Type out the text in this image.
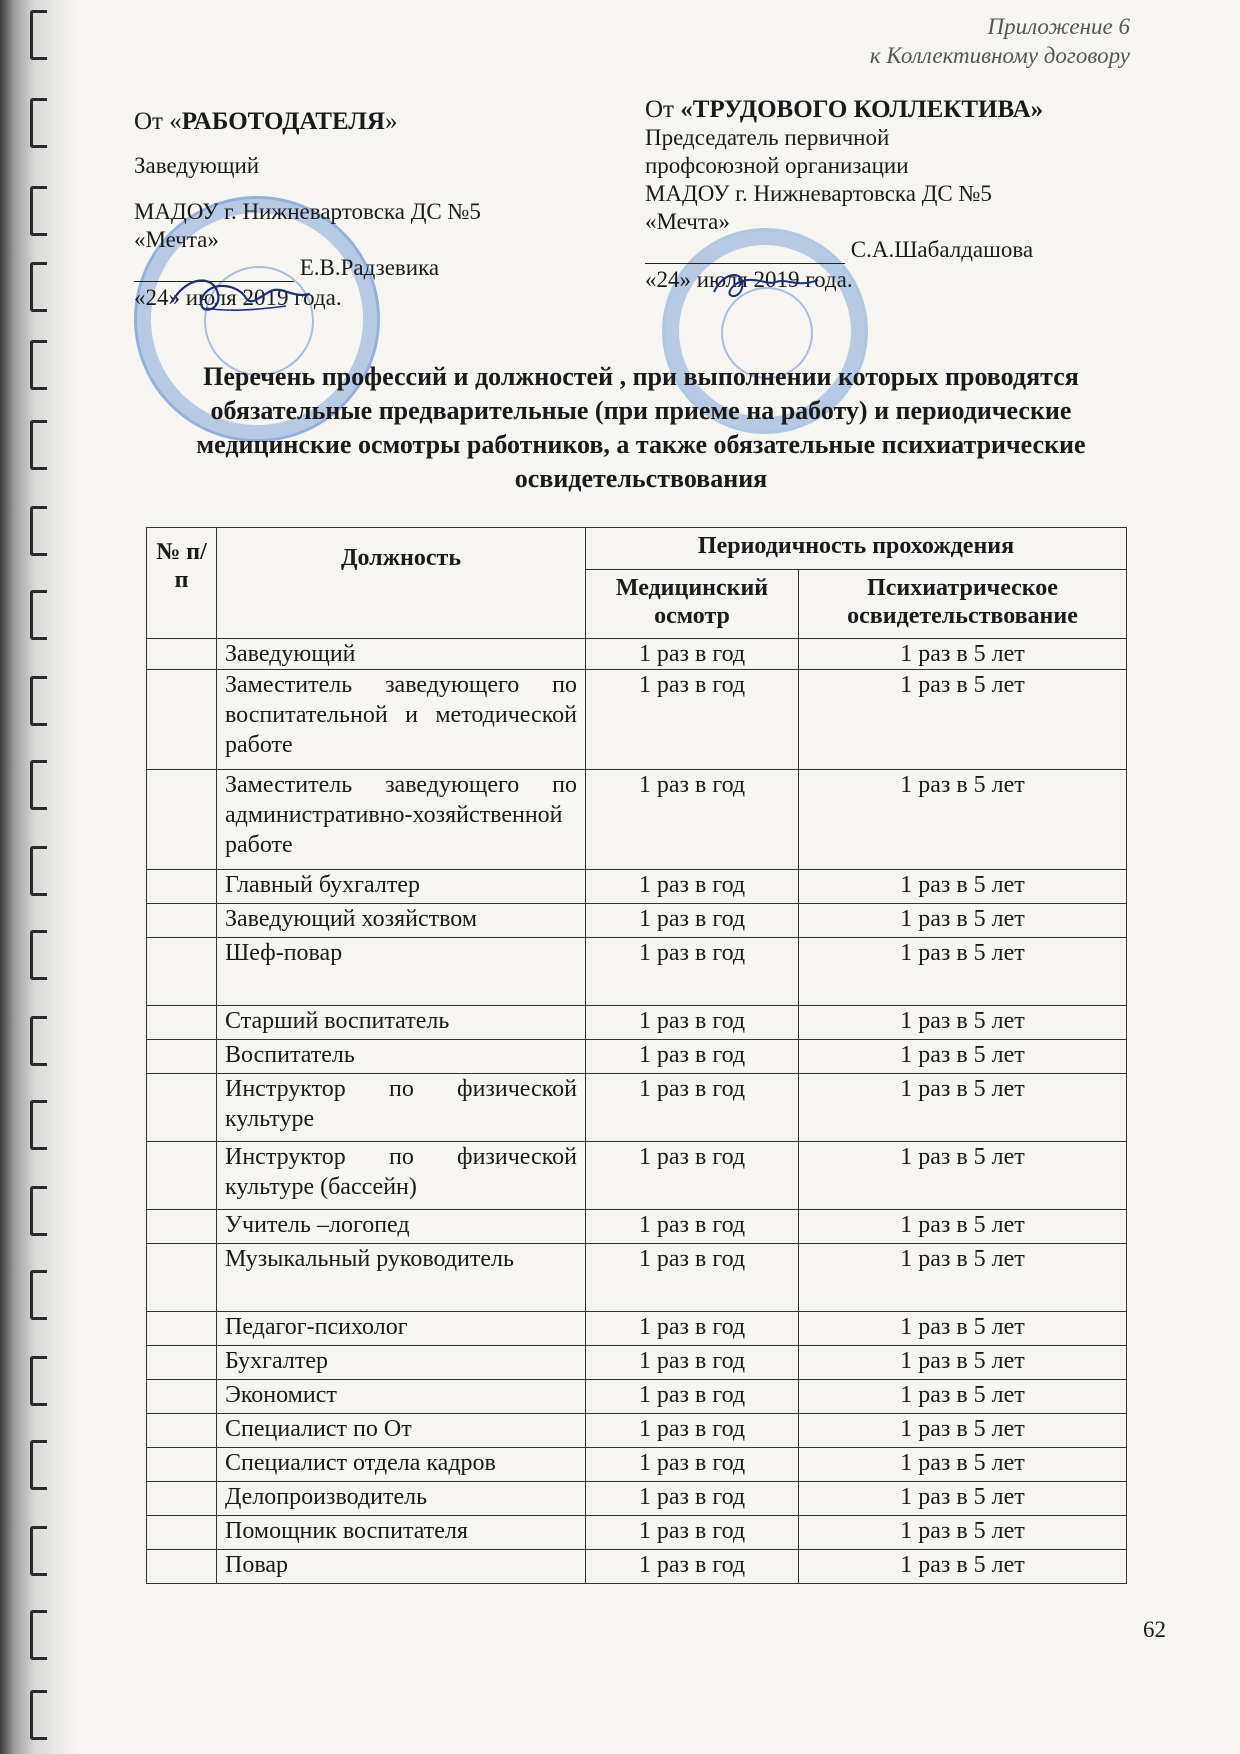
Приложение 6
к Коллективному договору
От «РАБОТОДАТЕЛЯ»
Заведующий
МАДОУ г. Нижневартовска ДС №5
«Мечта»
Е.В.Радзевика
«24» июля 2019 года.
От «ТРУДОВОГО КОЛЛЕКТИВА»
Председатель первичной
профсоюзной организации
МАДОУ г. Нижневартовска ДС №5
«Мечта»
С.А.Шабалдашова
«24» июля 2019 года.
Перечень профессий и должностей , при выполнении которых проводятся обязательные предварительные (при приеме на работу) и периодические медицинские осмотры работников, а также обязательные психиатрические освидетельствования
№ п/п	Должность	Периодичность прохождения	
		Медицинский осмотр	Психиатрическое освидетельствование
	Заведующий	1 раз в год	1 раз в 5 лет
	Заместитель заведующего по воспитательной и методической работе	1 раз в год	1 раз в 5 лет
	Заместитель заведующего по административно-хозяйственной работе	1 раз в год	1 раз в 5 лет
	Главный бухгалтер	1 раз в год	1 раз в 5 лет
	Заведующий хозяйством	1 раз в год	1 раз в 5 лет
	Шеф-повар	1 раз в год	1 раз в 5 лет
	Старший воспитатель	1 раз в год	1 раз в 5 лет
	Воспитатель	1 раз в год	1 раз в 5 лет
	Инструктор по физической культуре	1 раз в год	1 раз в 5 лет
	Инструктор по физической культуре (бассейн)	1 раз в год	1 раз в 5 лет
	Учитель –логопед	1 раз в год	1 раз в 5 лет
	Музыкальный руководитель	1 раз в год	1 раз в 5 лет
	Педагог-психолог	1 раз в год	1 раз в 5 лет
	Бухгалтер	1 раз в год	1 раз в 5 лет
	Экономист	1 раз в год	1 раз в 5 лет
	Специалист по От	1 раз в год	1 раз в 5 лет
	Специалист отдела кадров	1 раз в год	1 раз в 5 лет
	Делопроизводитель	1 раз в год	1 раз в 5 лет
	Помощник воспитателя	1 раз в год	1 раз в 5 лет
	Повар	1 раз в год	1 раз в 5 лет
62
